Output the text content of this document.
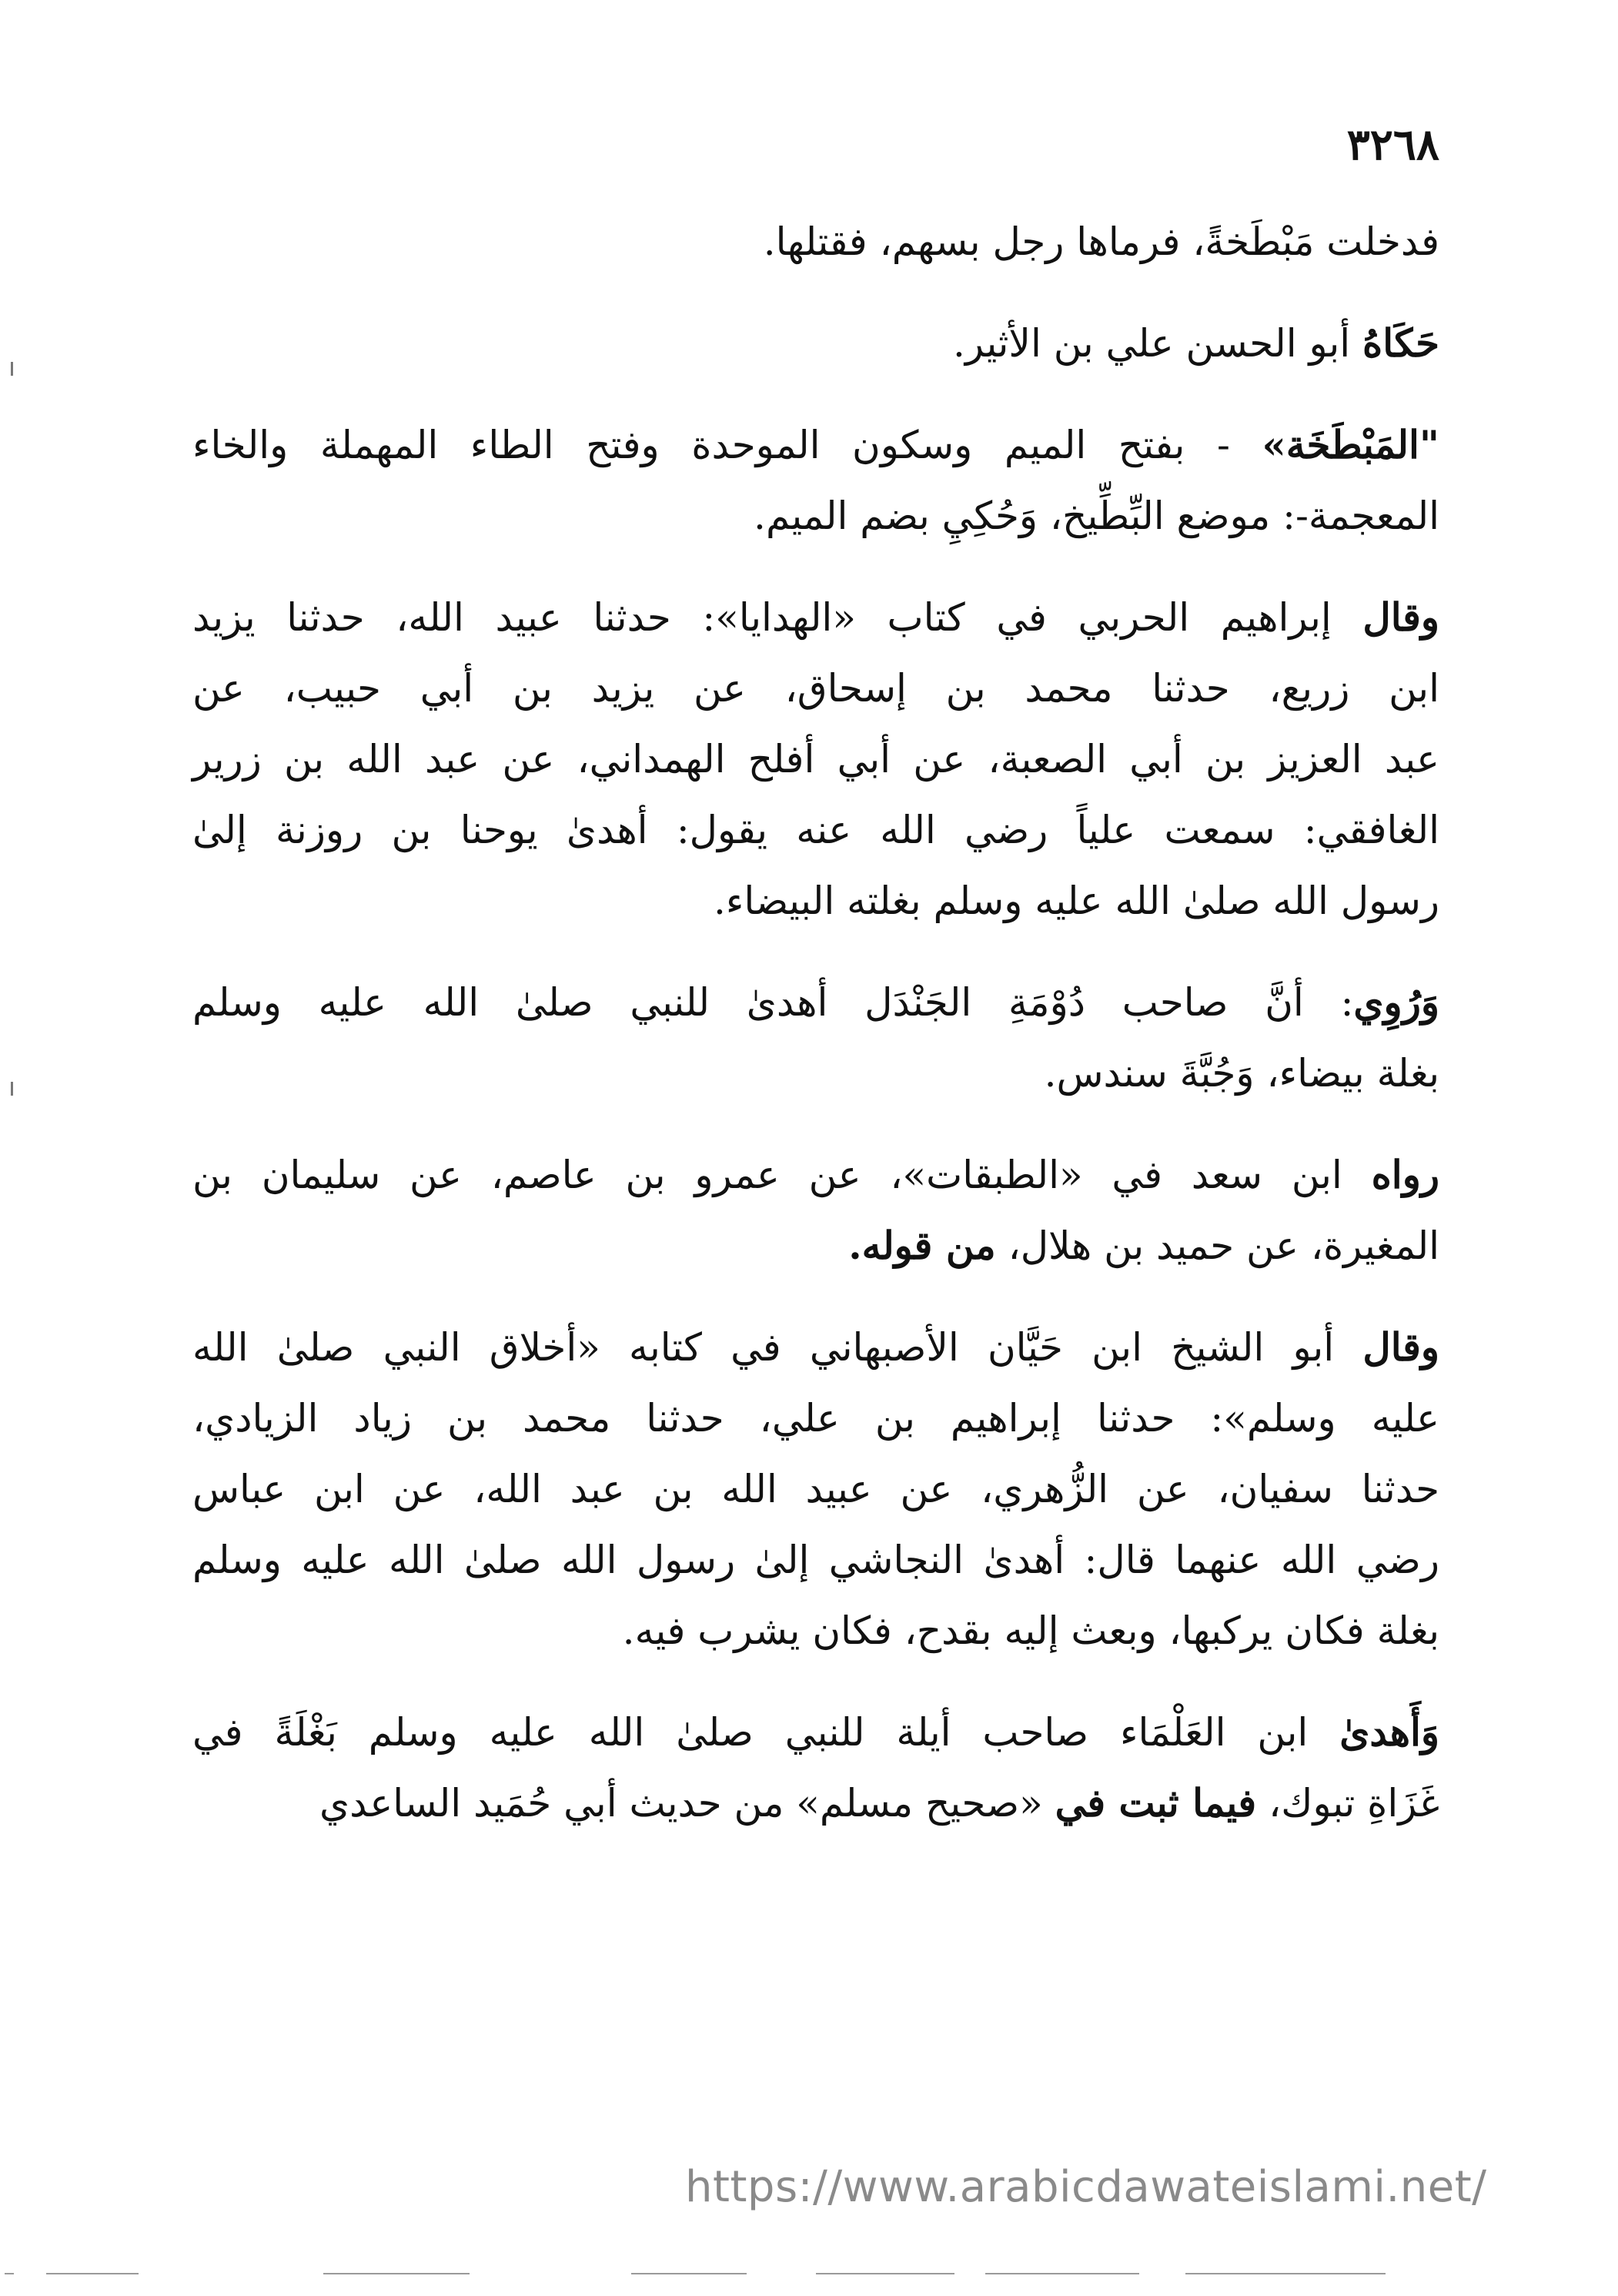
٣٢٦٨
فدخلت مَبْطَخةً، فرماها رجل بسهم، فقتلها.
حَكَاهُ أبو الحسن علي بن الأثير.
"المَبْطَخَة» - بفتح الميم وسكون الموحدة وفتح الطاء المهملة والخاء
المعجمة-: موضع البِّطِّيخ، وَحُكِيِ بضم الميم.
وقال إبراهيم الحربي في كتاب «الهدايا»: حدثنا عبيد الله، حدثنا يزيد
ابن زريع، حدثنا محمد بن إسحاق، عن يزيد بن أبي حبيب، عن
عبد العزيز بن أبي الصعبة، عن أبي أفلح الهمداني، عن عبد الله بن زرير
الغافقي: سمعت علياً رضي الله عنه يقول: أهدىٰ يوحنا بن روزنة إلىٰ
رسول الله صلىٰ الله عليه وسلم بغلته البيضاء.
وَرُوِي: أنَّ صاحب دُوْمَةِ الجَنْدَل أهدىٰ للنبي صلىٰ الله عليه وسلم
بغلة بيضاء، وَجُبَّةَ سندس.
رواه ابن سعد في «الطبقات»، عن عمرو بن عاصم، عن سليمان بن
المغيرة، عن حميد بن هلال، من قوله.
وقال أبو الشيخ ابن حَيَّان الأصبهاني في كتابه «أخلاق النبي صلىٰ الله
عليه وسلم»: حدثنا إبراهيم بن علي، حدثنا محمد بن زياد الزيادي،
حدثنا سفيان، عن الزُّهري، عن عبيد الله بن عبد الله، عن ابن عباس
رضي الله عنهما قال: أهدىٰ النجاشي إلىٰ رسول الله صلىٰ الله عليه وسلم
بغلة فكان يركبها، وبعث إليه بقدح، فكان يشرب فيه.
وَأَهدىٰ ابن العَلْمَاء صاحب أيلة للنبي صلىٰ الله عليه وسلم بَغْلَةً في
غَزَاةِ تبوك، فيما ثبت في «صحيح مسلم» من حديث أبي حُمَيد الساعدي
https://www.arabicdawateislami.net/
